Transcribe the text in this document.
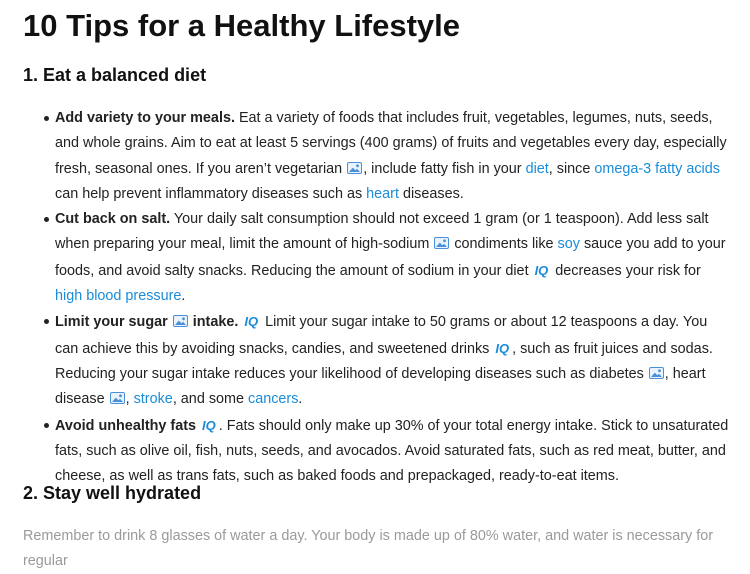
10 Tips for a Healthy Lifestyle
1. Eat a balanced diet
Add variety to your meals. Eat a variety of foods that includes fruit, vegetables, legumes, nuts, seeds, and whole grains. Aim to eat at least 5 servings (400 grams) of fruits and vegetables every day, especially fresh, seasonal ones. If you aren’t vegetarian , include fatty fish in your diet, since omega-3 fatty acids can help prevent inflammatory diseases such as heart diseases.
Cut back on salt. Your daily salt consumption should not exceed 1 gram (or 1 teaspoon). Add less salt when preparing your meal, limit the amount of high-sodium  condiments like soy sauce you add to your foods, and avoid salty snacks. Reducing the amount of sodium in your diet IQ decreases your risk for high blood pressure.
Limit your sugar  intake. IQ Limit your sugar intake to 50 grams or about 12 teaspoons a day. You can achieve this by avoiding snacks, candies, and sweetened drinks IQ , such as fruit juices and sodas. Reducing your sugar intake reduces your likelihood of developing diseases such as diabetes , heart disease , stroke, and some cancers.
Avoid unhealthy fats IQ . Fats should only make up 30% of your total energy intake. Stick to unsaturated fats, such as olive oil, fish, nuts, seeds, and avocados. Avoid saturated fats, such as red meat, butter, and cheese, as well as trans fats, such as baked foods and prepackaged, ready-to-eat items.
2. Stay well hydrated

Remember to drink 8 glasses of water a day. Your body is made up of 80% water, and water is necessary for regular
